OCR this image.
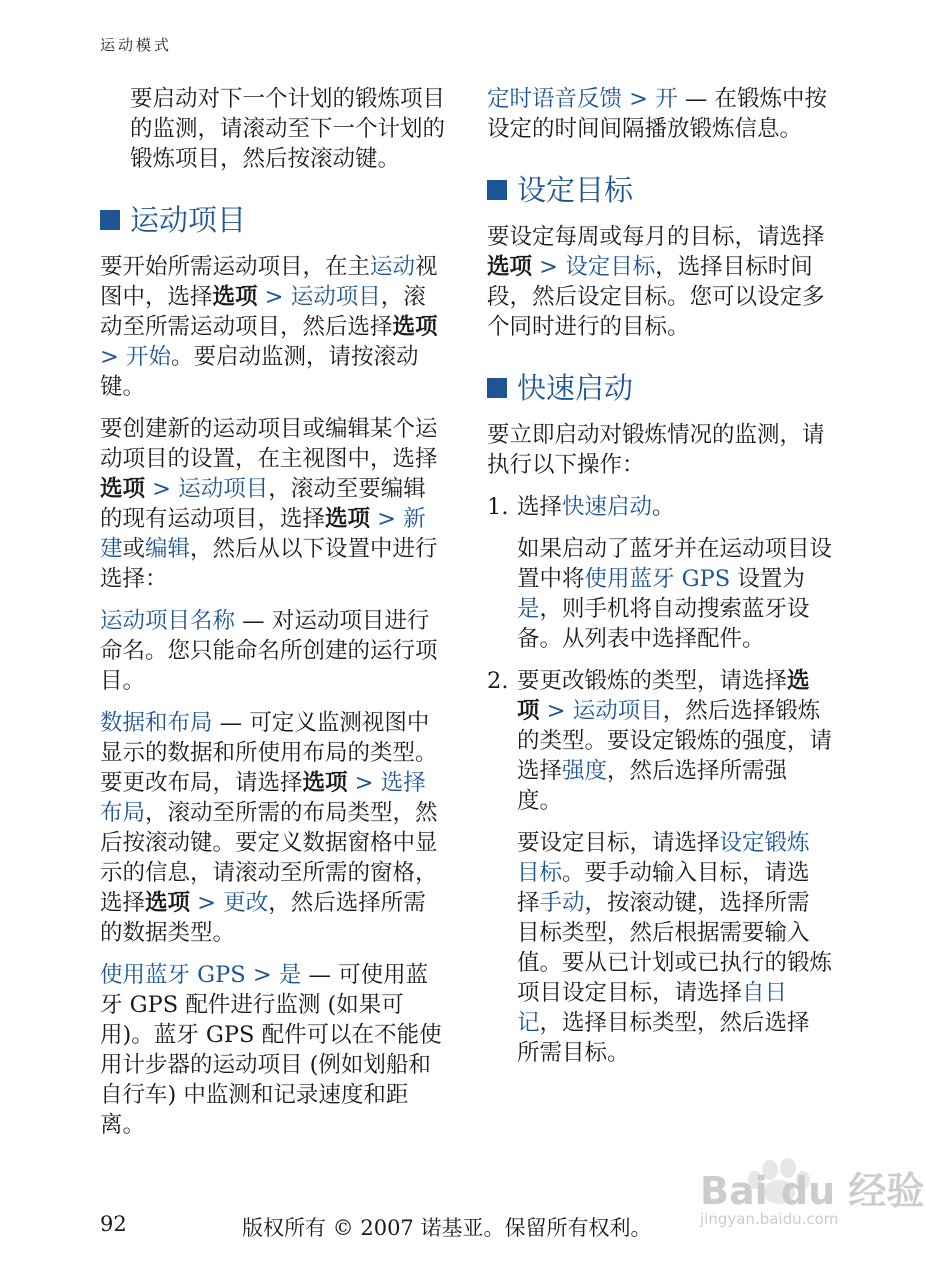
运动模式

要启动对下一个计划的锻炼项目的监测，请滚动至下一个计划的锻炼项目，然后按滚动键。

运动项目

要开始所需运动项目，在主运动视图中，选择选项 > 运动项目，滚动至所需运动项目，然后选择选项 > 开始。要启动监测，请按滚动键。

要创建新的运动项目或编辑某个运动项目的设置，在主视图中，选择选项 > 运动项目，滚动至要编辑的现有运动项目，选择选项 > 新建或编辑，然后从以下设置中进行选择：

运动项目名称 — 对运动项目进行命名。您只能命名所创建的运行项目。

数据和布局 — 可定义监测视图中显示的数据和所使用布局的类型。要更改布局，请选择选项 > 选择布局，滚动至所需的布局类型，然后按滚动键。要定义数据窗格中显示的信息，请滚动至所需的窗格，选择选项 > 更改，然后选择所需的数据类型。

使用蓝牙 GPS > 是 — 可使用蓝牙 GPS 配件进行监测 (如果可用)。蓝牙 GPS 配件可以在不能使用计步器的运动项目 (例如划船和自行车) 中监测和记录速度和距离。

定时语音反馈 > 开 — 在锻炼中按设定的时间间隔播放锻炼信息。

设定目标

要设定每周或每月的目标，请选择选项 > 设定目标，选择目标时间段，然后设定目标。您可以设定多个同时进行的目标。

快速启动

要立即启动对锻炼情况的监测，请执行以下操作：

1. 选择快速启动。

如果启动了蓝牙并在运动项目设置中将使用蓝牙 GPS 设置为是，则手机将自动搜索蓝牙设备。从列表中选择配件。

2. 要更改锻炼的类型，请选择选项 > 运动项目，然后选择锻炼的类型。要设定锻炼的强度，请选择强度，然后选择所需强度。

要设定目标，请选择设定锻炼目标。要手动输入目标，请选择手动，按滚动键，选择所需目标类型，然后根据需要输入值。要从已计划或已执行的锻炼项目设定目标，请选择自日记，选择目标类型，然后选择所需目标。

92	版权所有 © 2007 诺基亚。保留所有权利。
Bai du 经验
jingyan.baidu.com
